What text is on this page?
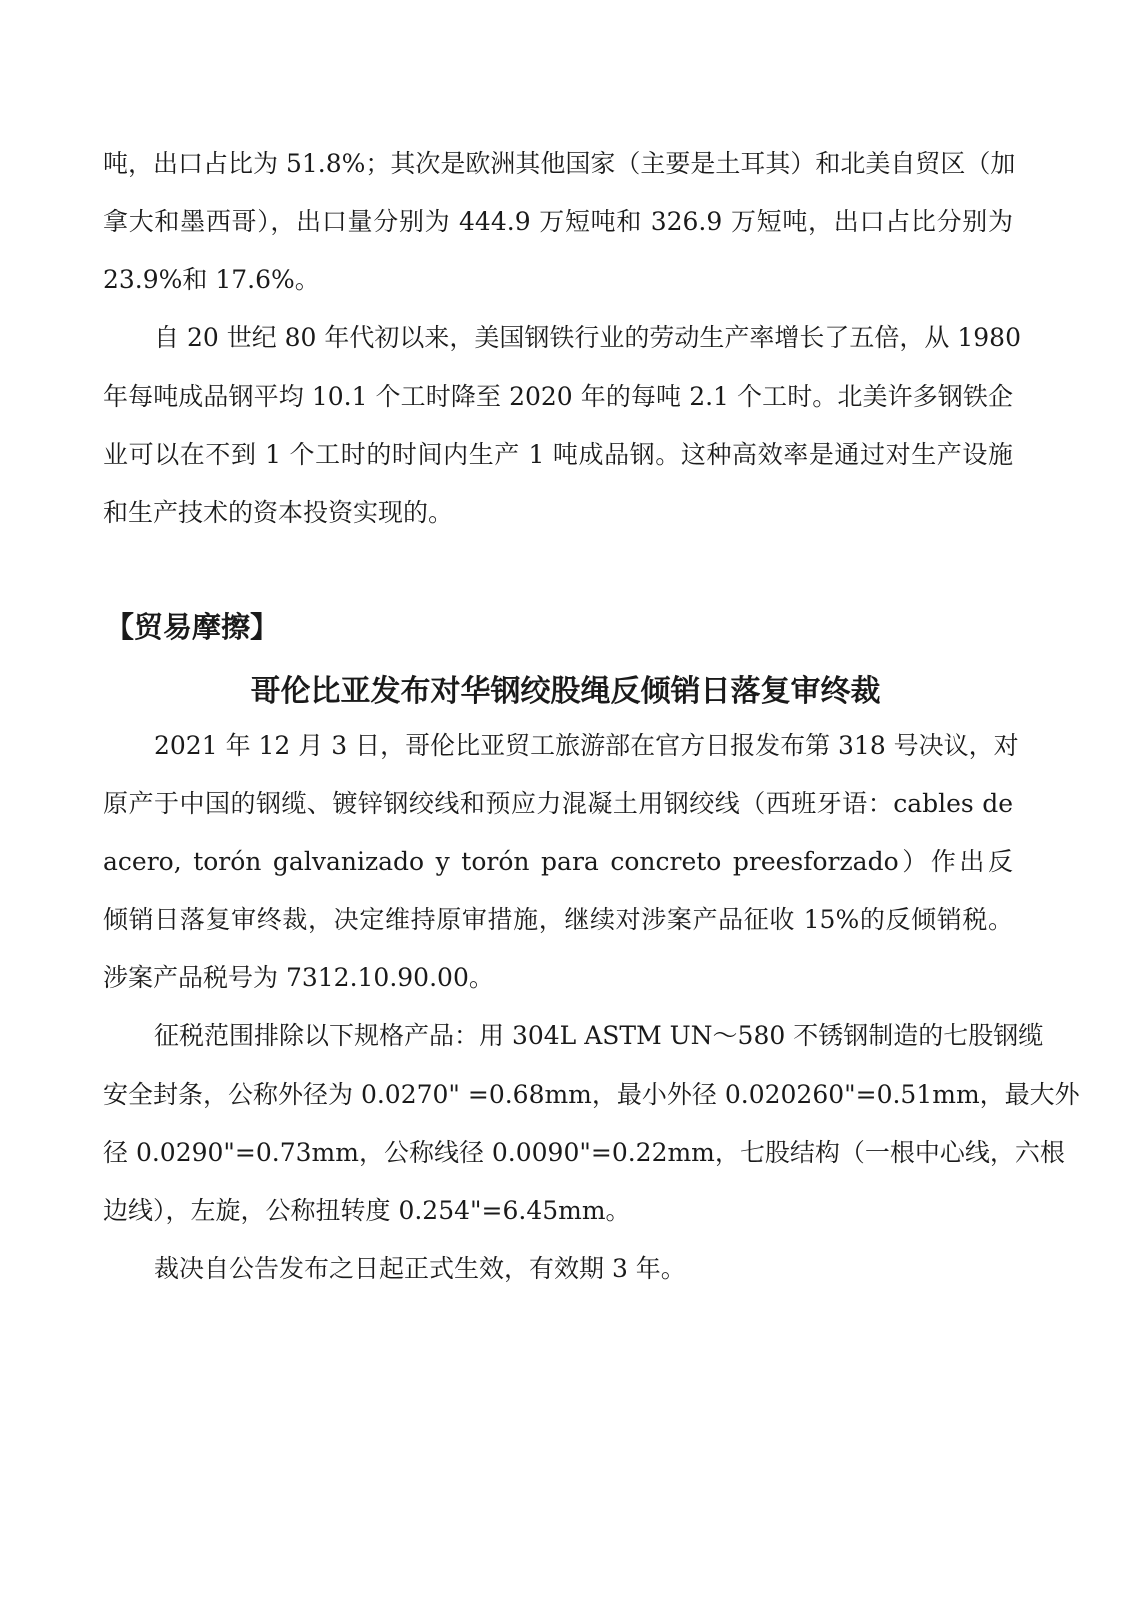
吨，出口占比为 51.8%；其次是欧洲其他国家（主要是土耳其）和北美自贸区（加

拿大和墨西哥），出口量分别为 444.9 万短吨和 326.9 万短吨，出口占比分别为

23.9%和 17.6%。

自 20 世纪 80 年代初以来，美国钢铁行业的劳动生产率增长了五倍，从 1980

年每吨成品钢平均 10.1 个工时降至 2020 年的每吨 2.1 个工时。北美许多钢铁企

业可以在不到 1 个工时的时间内生产 1 吨成品钢。这种高效率是通过对生产设施

和生产技术的资本投资实现的。

【贸易摩擦】
哥伦比亚发布对华钢绞股绳反倾销日落复审终裁

2021 年 12 月 3 日，哥伦比亚贸工旅游部在官方日报发布第 318 号决议，对

原产于中国的钢缆、镀锌钢绞线和预应力混凝土用钢绞线（西班牙语：cables de

acero, torón galvanizado y torón para concreto preesforzado）作出反

倾销日落复审终裁，决定维持原审措施，继续对涉案产品征收 15%的反倾销税。

涉案产品税号为 7312.10.90.00。

征税范围排除以下规格产品：用 304L ASTM UN～580 不锈钢制造的七股钢缆

安全封条，公称外径为 0.0270" =0.68mm，最小外径 0.020260"=0.51mm，最大外

径 0.0290"=0.73mm，公称线径 0.0090"=0.22mm，七股结构（一根中心线，六根

边线），左旋，公称扭转度 0.254"=6.45mm。

裁决自公告发布之日起正式生效，有效期 3 年。
